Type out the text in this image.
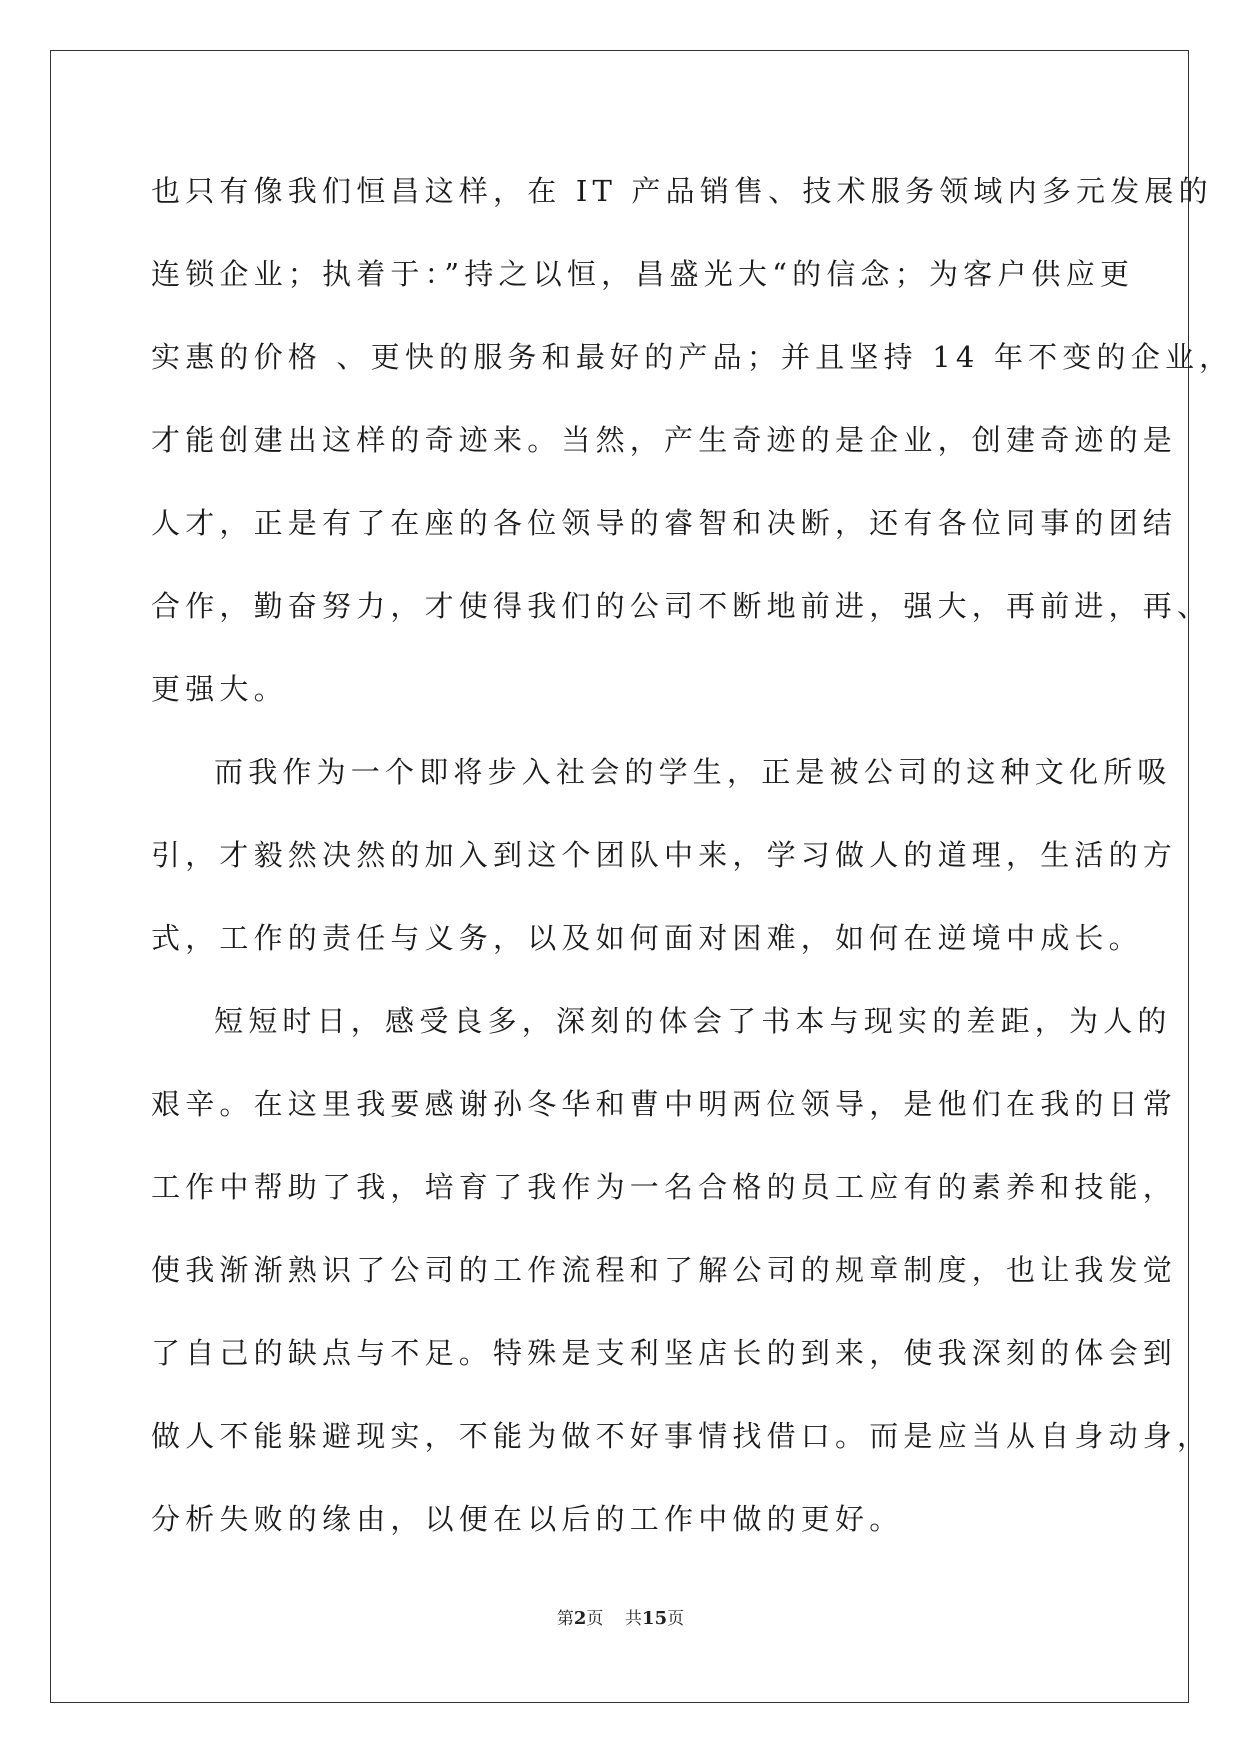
也只有像我们恒昌这样，在 IT 产品销售、技术服务领域内多元发展的
连锁企业；执着于：”持之以恒，昌盛光大“的信念；为客户供应更
实惠的价格 、更快的服务和最好的产品；并且坚持 14 年不变的企业，
才能创建出这样的奇迹来。当然，产生奇迹的是企业，创建奇迹的是
人才，正是有了在座的各位领导的睿智和决断，还有各位同事的团结
合作，勤奋努力，才使得我们的公司不断地前进，强大，再前进，再、
更强大。
而我作为一个即将步入社会的学生，正是被公司的这种文化所吸
引，才毅然决然的加入到这个团队中来，学习做人的道理，生活的方
式，工作的责任与义务，以及如何面对困难，如何在逆境中成长。
短短时日，感受良多，深刻的体会了书本与现实的差距，为人的
艰辛。在这里我要感谢孙冬华和曹中明两位领导，是他们在我的日常
工作中帮助了我，培育了我作为一名合格的员工应有的素养和技能，
使我渐渐熟识了公司的工作流程和了解公司的规章制度，也让我发觉
了自己的缺点与不足。特殊是支利坚店长的到来，使我深刻的体会到
做人不能躲避现实，不能为做不好事情找借口。而是应当从自身动身，
分析失败的缘由，以便在以后的工作中做的更好。
第2页 共15页
